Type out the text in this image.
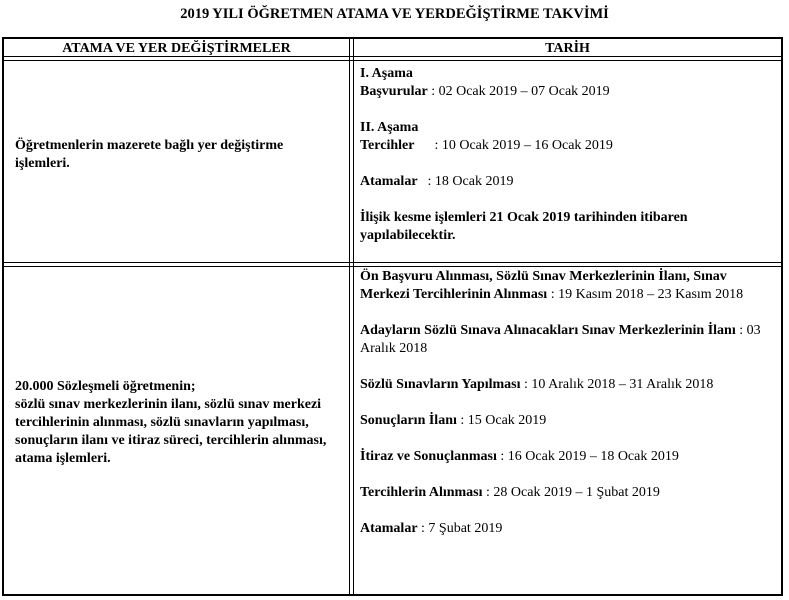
2019 YILI ÖĞRETMEN ATAMA VE YERDEĞİŞTİRME TAKVİMİ
ATAMA VE YER DEĞİŞTİRMELER	TARİH
Öğretmenlerin mazerete bağlı yer değiştirme işlemleri.
I. Aşama
Başvurular : 02 Ocak 2019 – 07 Ocak 2019
II. Aşama
Tercihler : 10 Ocak 2019 – 16 Ocak 2019
Atamalar : 18 Ocak 2019
İlişik kesme işlemleri 21 Ocak 2019 tarihinden itibaren yapılabilecektir.
20.000 Sözleşmeli öğretmenin;
sözlü sınav merkezlerinin ilanı, sözlü sınav merkezi tercihlerinin alınması, sözlü sınavların yapılması, sonuçların ilanı ve itiraz süreci, tercihlerin alınması, atama işlemleri.
Ön Başvuru Alınması, Sözlü Sınav Merkezlerinin İlanı, Sınav Merkezi Tercihlerinin Alınması : 19 Kasım 2018 – 23 Kasım 2018
Adayların Sözlü Sınava Alınacakları Sınav Merkezlerinin İlanı : 03 Aralık 2018
Sözlü Sınavların Yapılması : 10 Aralık 2018 – 31 Aralık 2018
Sonuçların İlanı : 15 Ocak 2019
İtiraz ve Sonuçlanması : 16 Ocak 2019 – 18 Ocak 2019
Tercihlerin Alınması : 28 Ocak 2019 – 1 Şubat 2019
Atamalar : 7 Şubat 2019
